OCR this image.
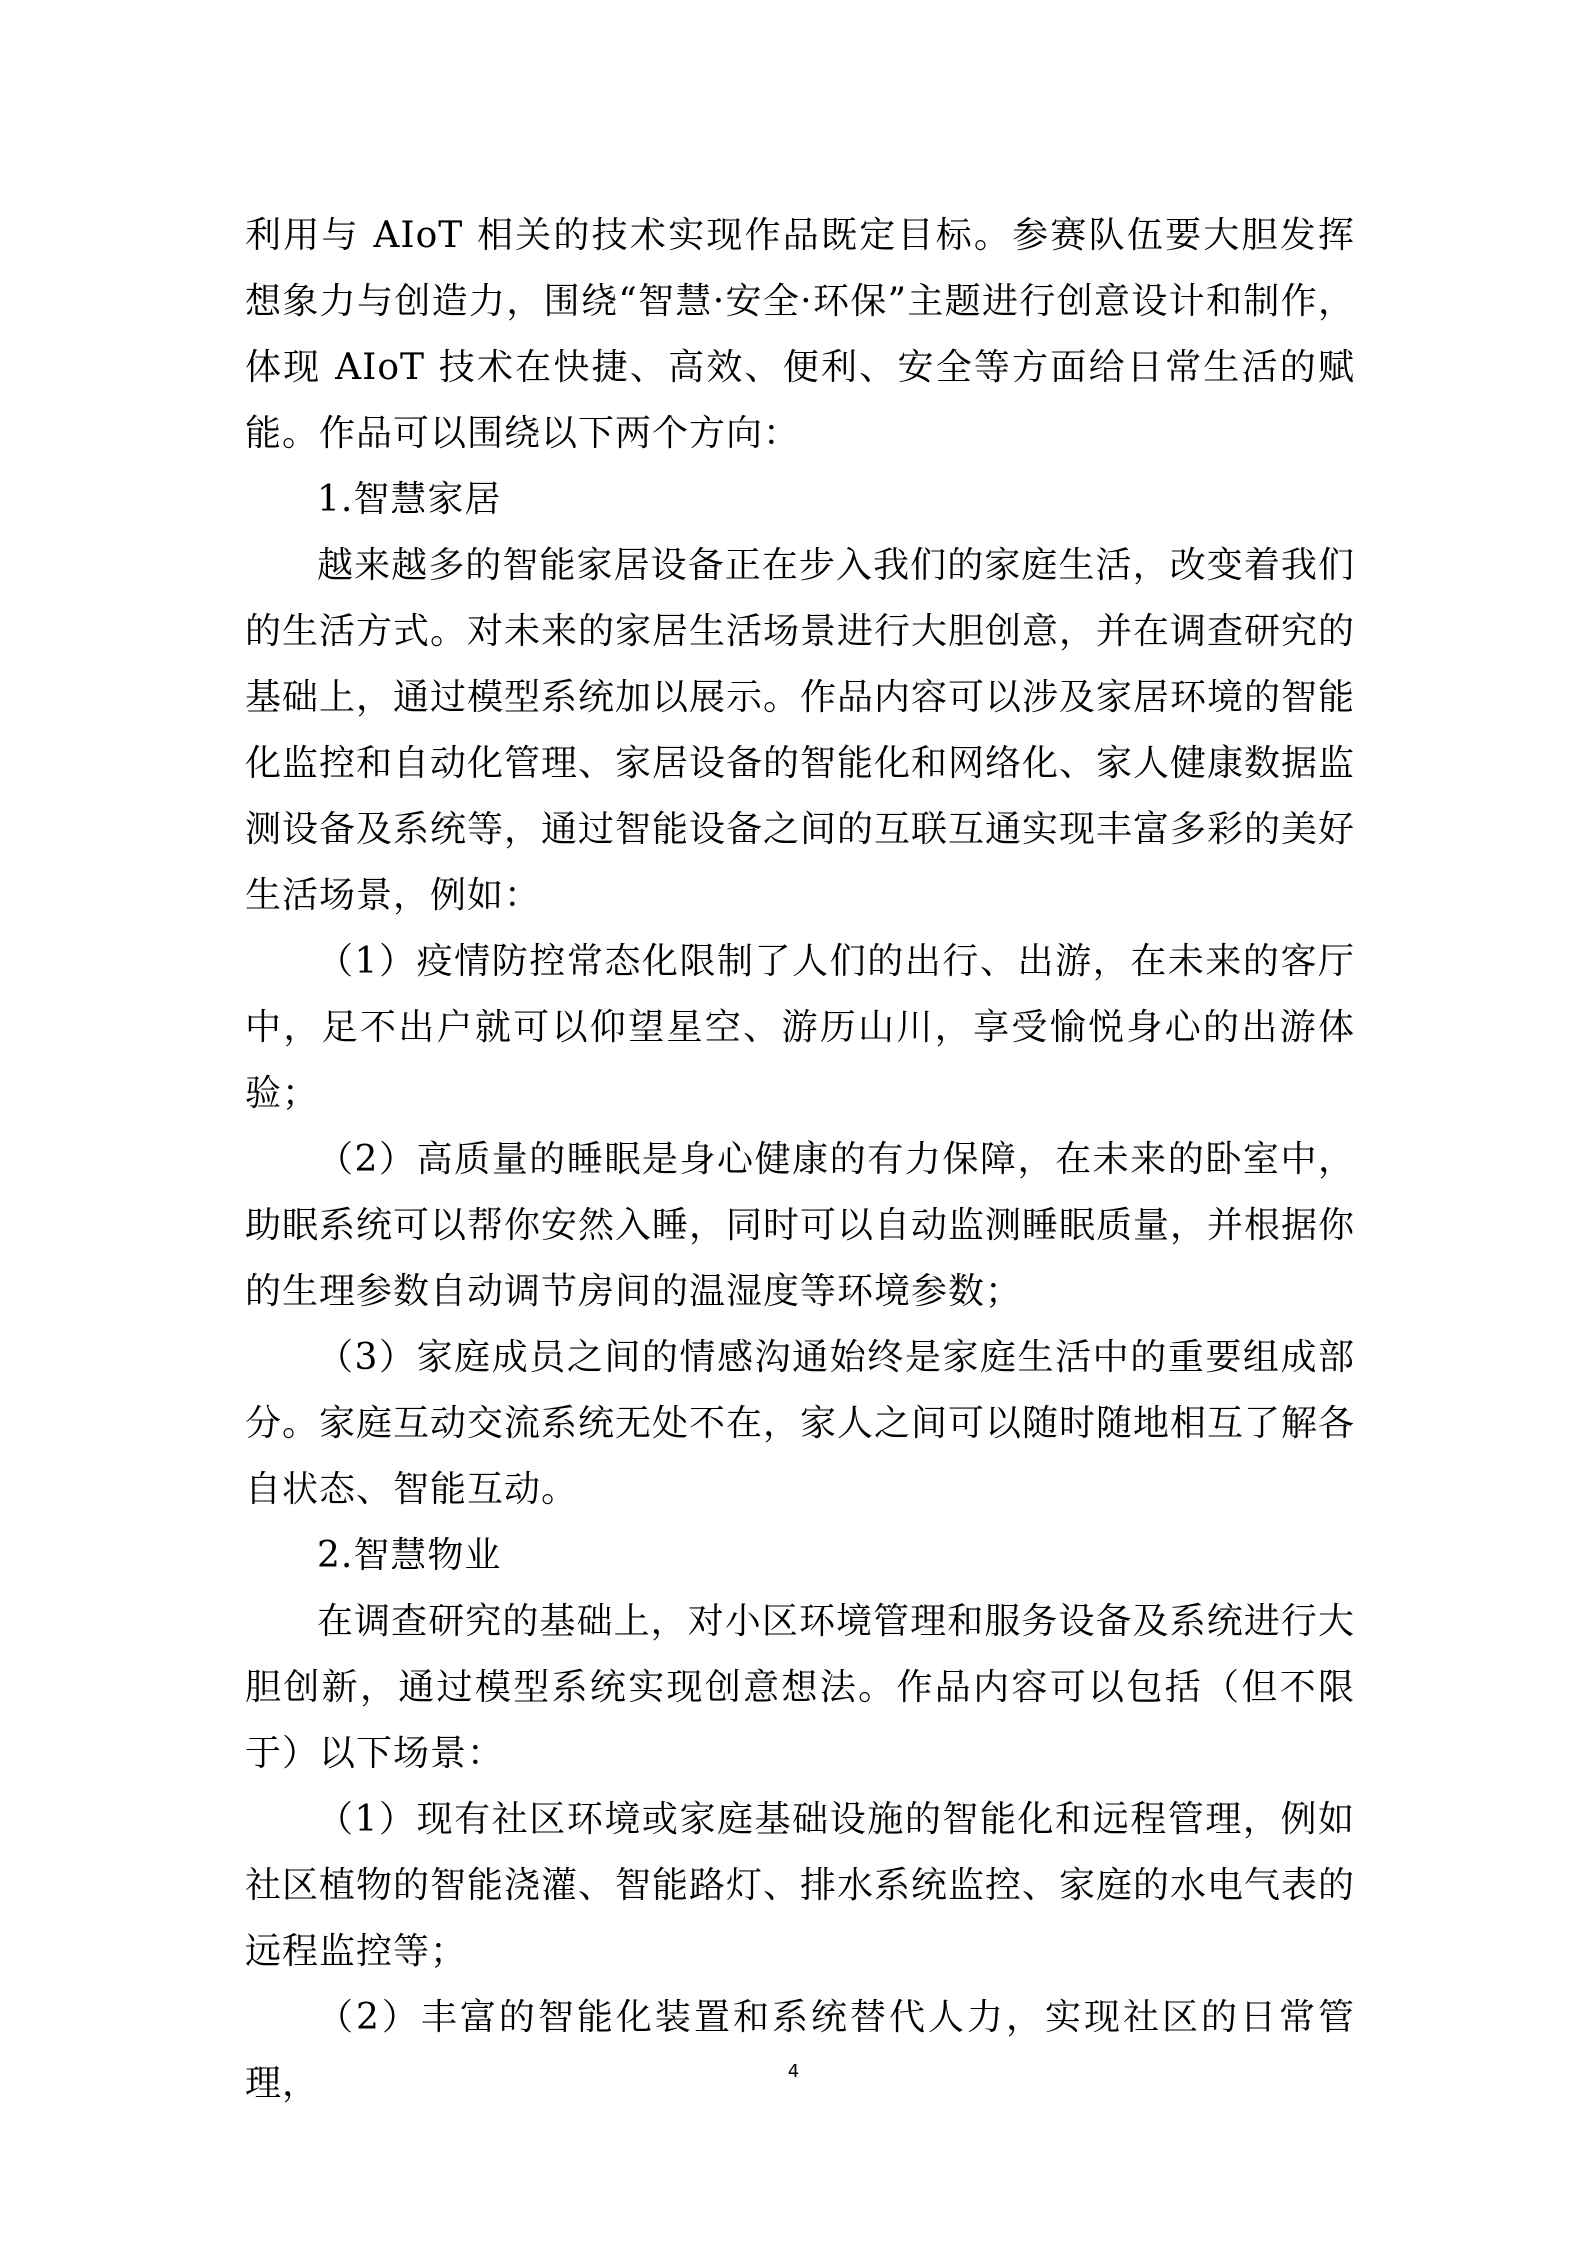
利用与 AIoT 相关的技术实现作品既定目标。参赛队伍要大胆发挥想象力与创造力，围绕“智慧·安全·环保”主题进行创意设计和制作，体现 AIoT 技术在快捷、高效、便利、安全等方面给日常生活的赋能。作品可以围绕以下两个方向：

1.智慧家居

越来越多的智能家居设备正在步入我们的家庭生活，改变着我们的生活方式。对未来的家居生活场景进行大胆创意，并在调查研究的基础上，通过模型系统加以展示。作品内容可以涉及家居环境的智能化监控和自动化管理、家居设备的智能化和网络化、家人健康数据监测设备及系统等，通过智能设备之间的互联互通实现丰富多彩的美好生活场景，例如：

（1）疫情防控常态化限制了人们的出行、出游，在未来的客厅中，足不出户就可以仰望星空、游历山川，享受愉悦身心的出游体验；

（2）高质量的睡眠是身心健康的有力保障，在未来的卧室中，助眠系统可以帮你安然入睡，同时可以自动监测睡眠质量，并根据你的生理参数自动调节房间的温湿度等环境参数；

（3）家庭成员之间的情感沟通始终是家庭生活中的重要组成部分。家庭互动交流系统无处不在，家人之间可以随时随地相互了解各自状态、智能互动。

2.智慧物业

在调查研究的基础上，对小区环境管理和服务设备及系统进行大胆创新，通过模型系统实现创意想法。作品内容可以包括（但不限于）以下场景：

（1）现有社区环境或家庭基础设施的智能化和远程管理，例如社区植物的智能浇灌、智能路灯、排水系统监控、家庭的水电气表的远程监控等；

（2）丰富的智能化装置和系统替代人力，实现社区的日常管理，	4
